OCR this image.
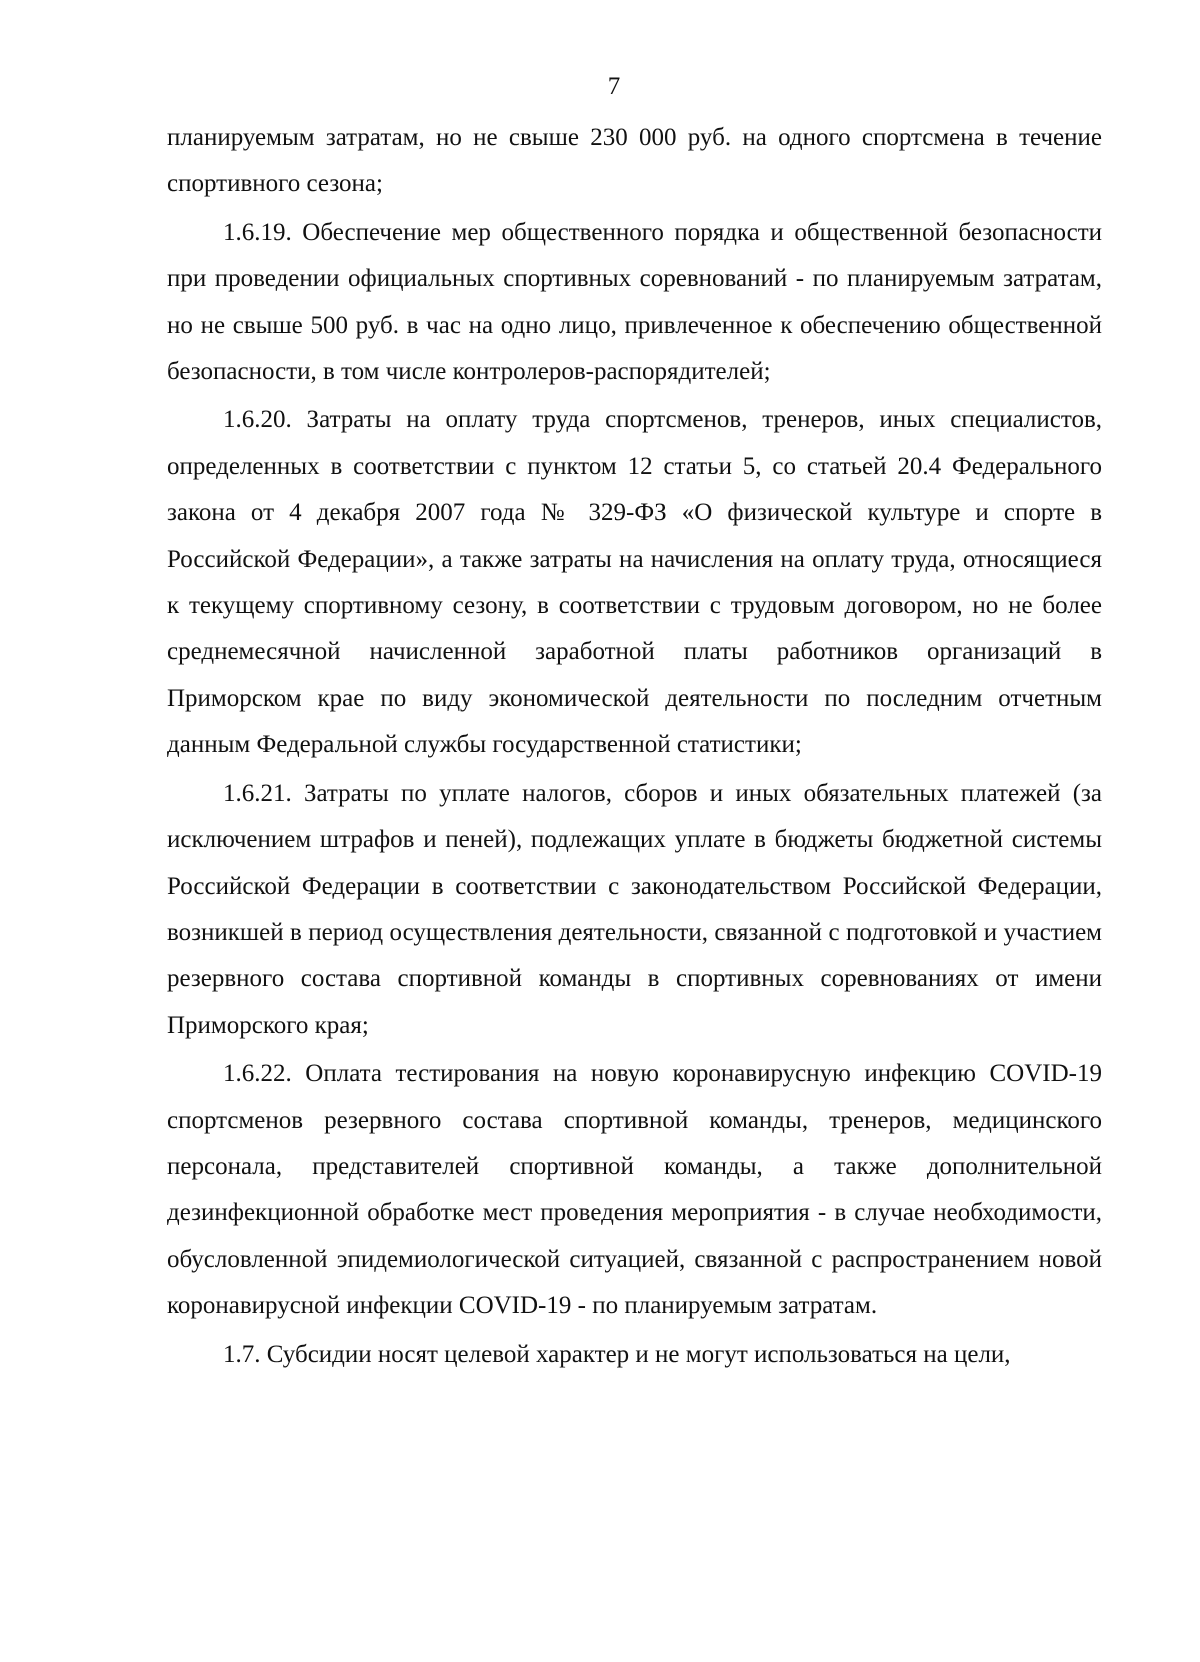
7

планируемым затратам, но не свыше 230 000 руб. на одного спортсмена в течение спортивного сезона;

1.6.19. Обеспечение мер общественного порядка и общественной безопасности при проведении официальных спортивных соревнований - по планируемым затратам, но не свыше 500 руб. в час на одно лицо, привлеченное к обеспечению общественной безопасности, в том числе контролеров-распорядителей;

1.6.20. Затраты на оплату труда спортсменов, тренеров, иных специалистов, определенных в соответствии с пунктом 12 статьи 5, со статьей 20.4 Федерального закона от 4 декабря 2007 года № 329-ФЗ «О физической культуре и спорте в Российской Федерации», а также затраты на начисления на оплату труда, относящиеся к текущему спортивному сезону, в соответствии с трудовым договором, но не более среднемесячной начисленной заработной платы работников организаций в Приморском крае по виду экономической деятельности по последним отчетным данным Федеральной службы государственной статистики;

1.6.21. Затраты по уплате налогов, сборов и иных обязательных платежей (за исключением штрафов и пеней), подлежащих уплате в бюджеты бюджетной системы Российской Федерации в соответствии с законодательством Российской Федерации, возникшей в период осуществления деятельности, связанной с подготовкой и участием резервного состава спортивной команды в спортивных соревнованиях от имени Приморского края;

1.6.22. Оплата тестирования на новую коронавирусную инфекцию COVID-19 спортсменов резервного состава спортивной команды, тренеров, медицинского персонала, представителей спортивной команды, а также дополнительной дезинфекционной обработке мест проведения мероприятия - в случае необходимости, обусловленной эпидемиологической ситуацией, связанной с распространением новой коронавирусной инфекции COVID-19 - по планируемым затратам.

1.7. Субсидии носят целевой характер и не могут использоваться на цели,
